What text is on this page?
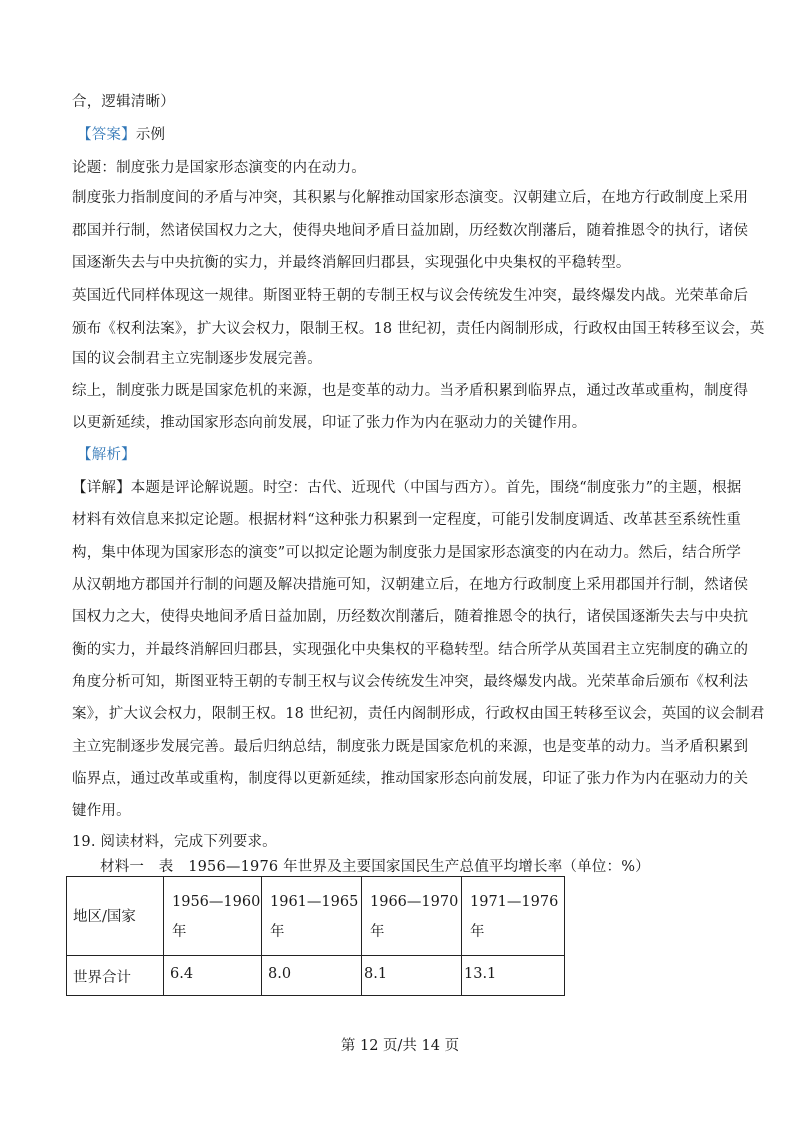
合，逻辑清晰）
【答案】示例
论题：制度张力是国家形态演变的内在动力。
制度张力指制度间的矛盾与冲突，其积累与化解推动国家形态演变。汉朝建立后，在地方行政制度上采用
郡国并行制，然诸侯国权力之大，使得央地间矛盾日益加剧，历经数次削藩后，随着推恩令的执行，诸侯
国逐渐失去与中央抗衡的实力，并最终消解回归郡县，实现强化中央集权的平稳转型。
英国近代同样体现这一规律。斯图亚特王朝的专制王权与议会传统发生冲突，最终爆发内战。光荣革命后
颁布《权利法案》，扩大议会权力，限制王权。18 世纪初，责任内阁制形成，行政权由国王转移至议会，英
国的议会制君主立宪制逐步发展完善。
综上，制度张力既是国家危机的来源，也是变革的动力。当矛盾积累到临界点，通过改革或重构，制度得
以更新延续，推动国家形态向前发展，印证了张力作为内在驱动力的关键作用。
【解析】
【详解】本题是评论解说题。时空：古代、近现代（中国与西方）。首先，围绕“制度张力”的主题，根据
材料有效信息来拟定论题。根据材料“这种张力积累到一定程度，可能引发制度调适、改革甚至系统性重
构，集中体现为国家形态的演变”可以拟定论题为制度张力是国家形态演变的内在动力。然后，结合所学
从汉朝地方郡国并行制的问题及解决措施可知，汉朝建立后，在地方行政制度上采用郡国并行制，然诸侯
国权力之大，使得央地间矛盾日益加剧，历经数次削藩后，随着推恩令的执行，诸侯国逐渐失去与中央抗
衡的实力，并最终消解回归郡县，实现强化中央集权的平稳转型。结合所学从英国君主立宪制度的确立的
角度分析可知，斯图亚特王朝的专制王权与议会传统发生冲突，最终爆发内战。光荣革命后颁布《权利法
案》，扩大议会权力，限制王权。18 世纪初，责任内阁制形成，行政权由国王转移至议会，英国的议会制君
主立宪制逐步发展完善。最后归纳总结，制度张力既是国家危机的来源，也是变革的动力。当矛盾积累到
临界点，通过改革或重构，制度得以更新延续，推动国家形态向前发展，印证了张力作为内在驱动力的关
键作用。
19. 阅读材料，完成下列要求。
材料一　表　1956—1976 年世界及主要国家国民生产总值平均增长率（单位：%）
地区/国家	1956—1960
年	1961—1965
年	1966—1970
年	1971—1976
年

世界合计	6.4	8.0	8.1	13.1
第 12 页/共 14 页
